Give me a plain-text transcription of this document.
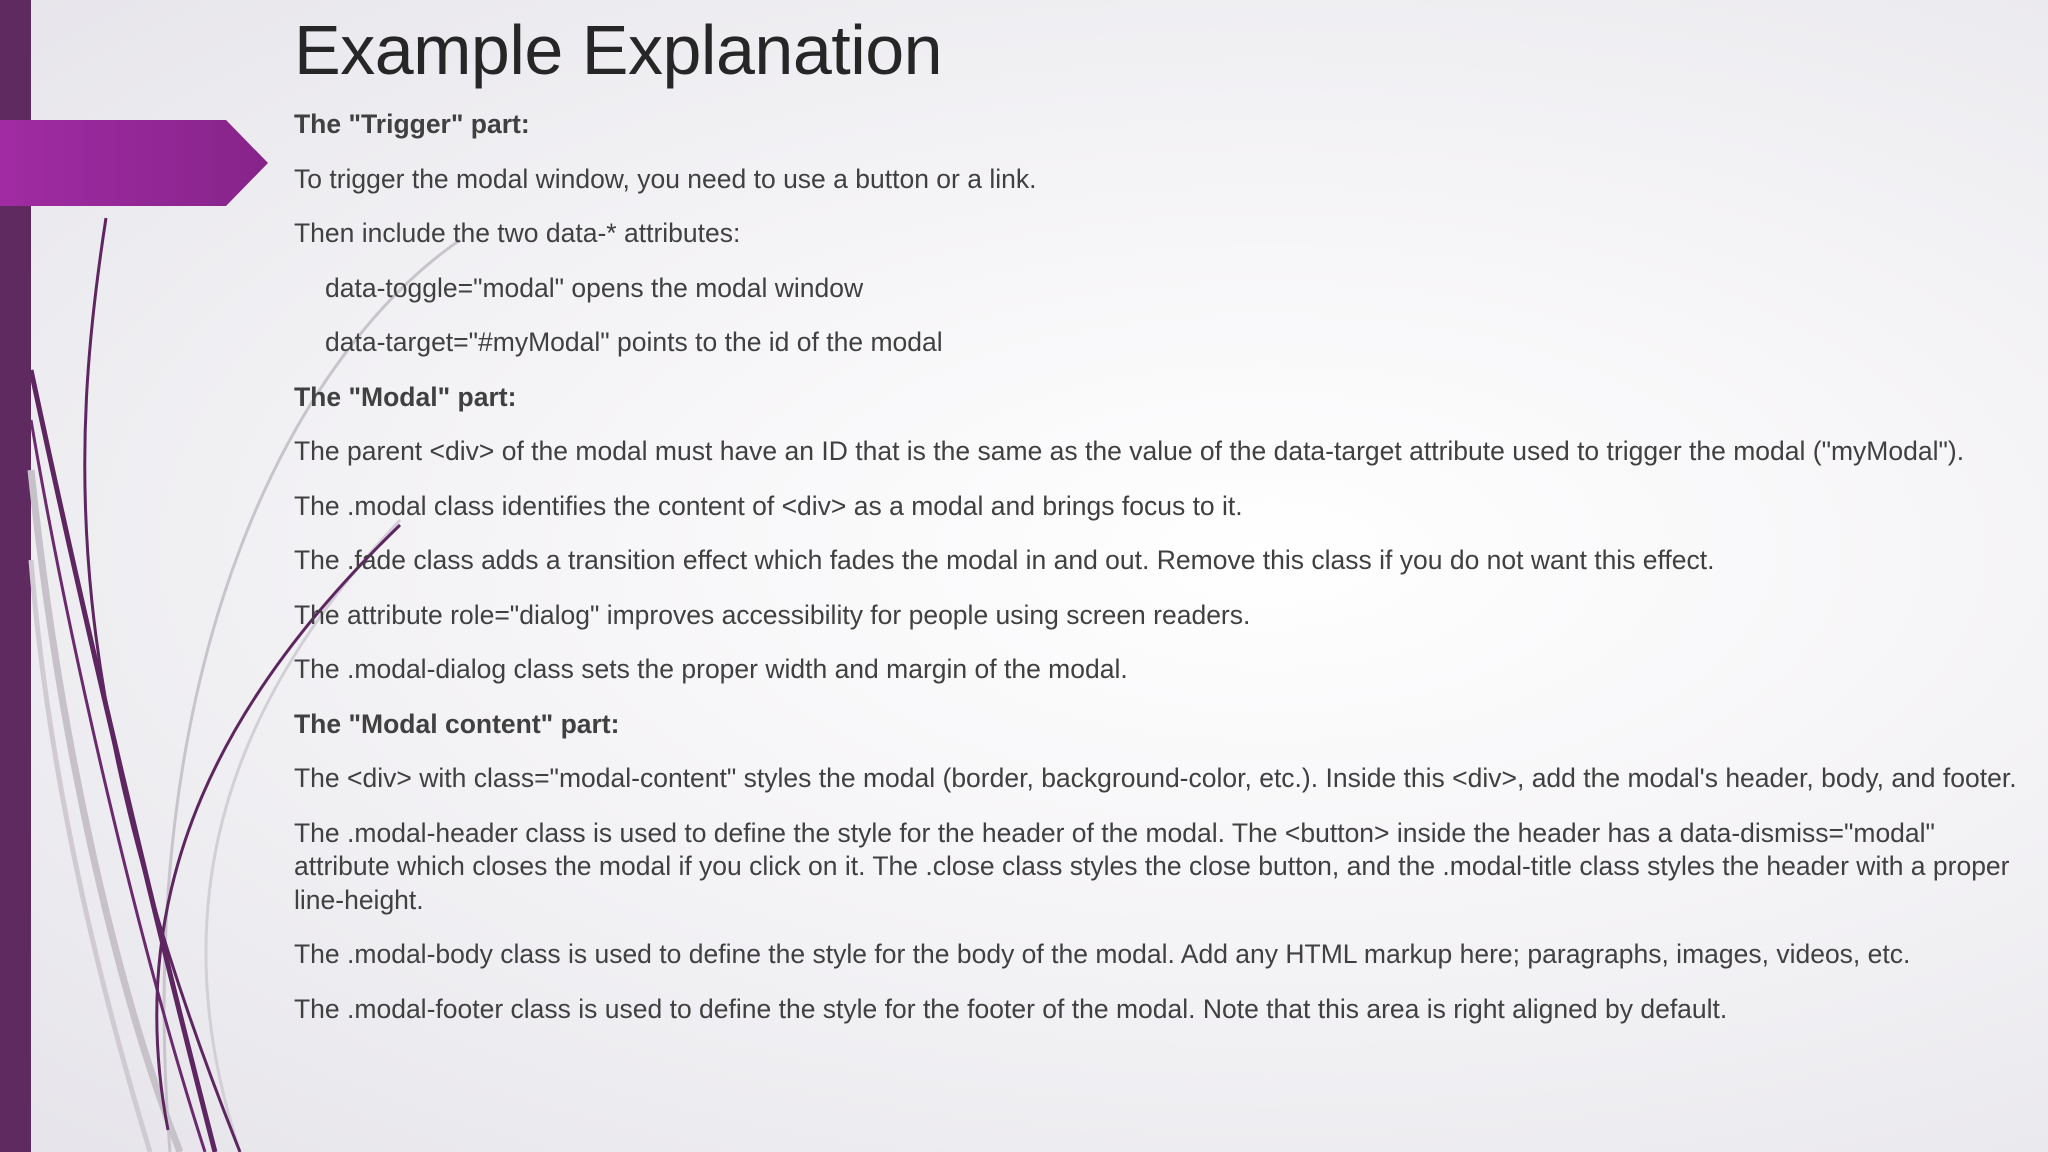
Example Explanation

The "Trigger" part:

To trigger the modal window, you need to use a button or a link.

Then include the two data-* attributes:

data-toggle="modal" opens the modal window

data-target="#myModal" points to the id of the modal

The "Modal" part:

The parent <div> of the modal must have an ID that is the same as the value of the data-target attribute used to trigger the modal ("myModal").

The .modal class identifies the content of <div> as a modal and brings focus to it.

The .fade class adds a transition effect which fades the modal in and out. Remove this class if you do not want this effect.

The attribute role="dialog" improves accessibility for people using screen readers.

The .modal-dialog class sets the proper width and margin of the modal.

The "Modal content" part:

The <div> with class="modal-content" styles the modal (border, background-color, etc.). Inside this <div>, add the modal's header, body, and footer.

The .modal-header class is used to define the style for the header of the modal. The <button> inside the header has a data-dismiss="modal" attribute which closes the modal if you click on it. The .close class styles the close button, and the .modal-title class styles the header with a proper line-height.

The .modal-body class is used to define the style for the body of the modal. Add any HTML markup here; paragraphs, images, videos, etc.

The .modal-footer class is used to define the style for the footer of the modal. Note that this area is right aligned by default.
